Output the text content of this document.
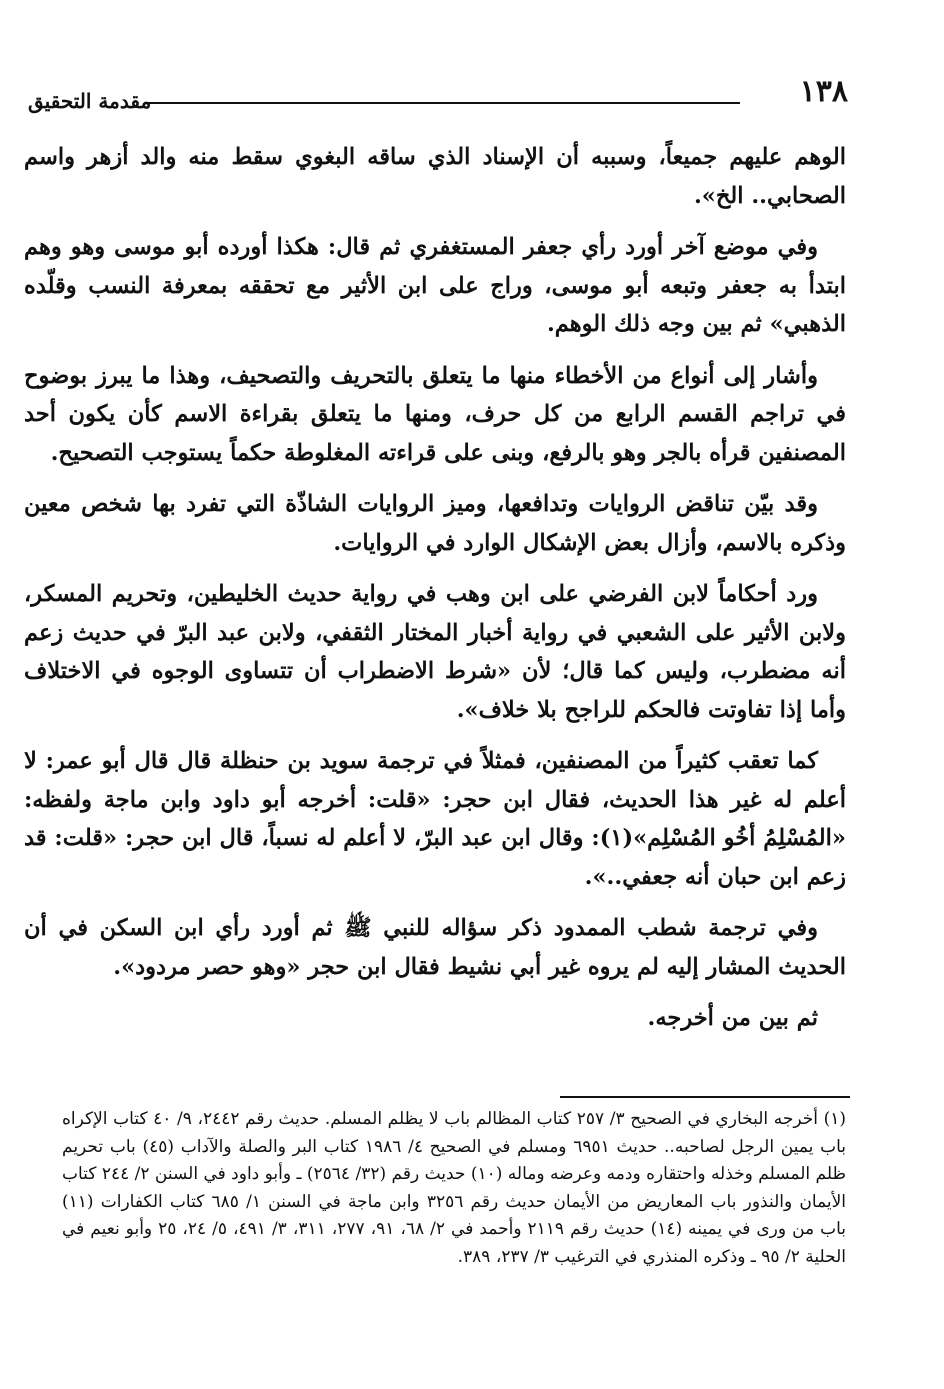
١٣٨
مقدمة التحقيق

الوهم عليهم جميعاً، وسببه أن الإسناد الذي ساقه البغوي سقط منه والد أزهر واسم الصحابي.. الخ».

وفي موضع آخر أورد رأي جعفر المستغفري ثم قال: هكذا أورده أبو موسى وهو وهم ابتدأ به جعفر وتبعه أبو موسى، وراج على ابن الأثير مع تحققه بمعرفة النسب وقلّده الذهبي» ثم بين وجه ذلك الوهم.

وأشار إلى أنواع من الأخطاء منها ما يتعلق بالتحريف والتصحيف، وهذا ما يبرز بوضوح في تراجم القسم الرابع من كل حرف، ومنها ما يتعلق بقراءة الاسم كأن يكون أحد المصنفين قرأه بالجر وهو بالرفع، وبنى على قراءته المغلوطة حكماً يستوجب التصحيح.

وقد بيّن تناقض الروايات وتدافعها، وميز الروايات الشاذّة التي تفرد بها شخص معين وذكره بالاسم، وأزال بعض الإشكال الوارد في الروايات.

ورد أحكاماً لابن الفرضي على ابن وهب في رواية حديث الخليطين، وتحريم المسكر، ولابن الأثير على الشعبي في رواية أخبار المختار الثقفي، ولابن عبد البرّ في حديث زعم أنه مضطرب، وليس كما قال؛ لأن «شرط الاضطراب أن تتساوى الوجوه في الاختلاف وأما إذا تفاوتت فالحكم للراجح بلا خلاف».

كما تعقب كثيراً من المصنفين، فمثلاً في ترجمة سويد بن حنظلة قال قال أبو عمر: لا أعلم له غير هذا الحديث، فقال ابن حجر: «قلت: أخرجه أبو داود وابن ماجة ولفظه: «المُسْلِمُ أخُو المُسْلِم»(١): وقال ابن عبد البرّ، لا أعلم له نسباً، قال ابن حجر: «قلت: قد زعم ابن حبان أنه جعفي..».

وفي ترجمة شطب الممدود ذكر سؤاله للنبي ﷺ ثم أورد رأي ابن السكن في أن الحديث المشار إليه لم يروه غير أبي نشيط فقال ابن حجر «وهو حصر مردود».

ثم بين من أخرجه.

(١) أخرجه البخاري في الصحيح ٣/ ٢٥٧ كتاب المظالم باب لا يظلم المسلم. حديث رقم ٢٤٤٢، ٩/ ٤٠ كتاب الإكراه باب يمين الرجل لصاحبه.. حديث ٦٩٥١ ومسلم في الصحيح ٤/ ١٩٨٦ كتاب البر والصلة والآداب (٤٥) باب تحريم ظلم المسلم وخذله واحتقاره ودمه وعرضه وماله (١٠) حديث رقم (٣٢/ ٢٥٦٤) ـ وأبو داود في السنن ٢/ ٢٤٤ كتاب الأيمان والنذور باب المعاريض من الأيمان حديث رقم ٣٢٥٦ وابن ماجة في السنن ١/ ٦٨٥ كتاب الكفارات (١١) باب من ورى في يمينه (١٤) حديث رقم ٢١١٩ وأحمد في ٢/ ٦٨، ٩١، ٢٧٧، ٣١١، ٣/ ٤٩١، ٥/ ٢٤، ٢٥ وأبو نعيم في الحلية ٢/ ٩٥ ـ وذكره المنذري في الترغيب ٣/ ٢٣٧، ٣٨٩.
